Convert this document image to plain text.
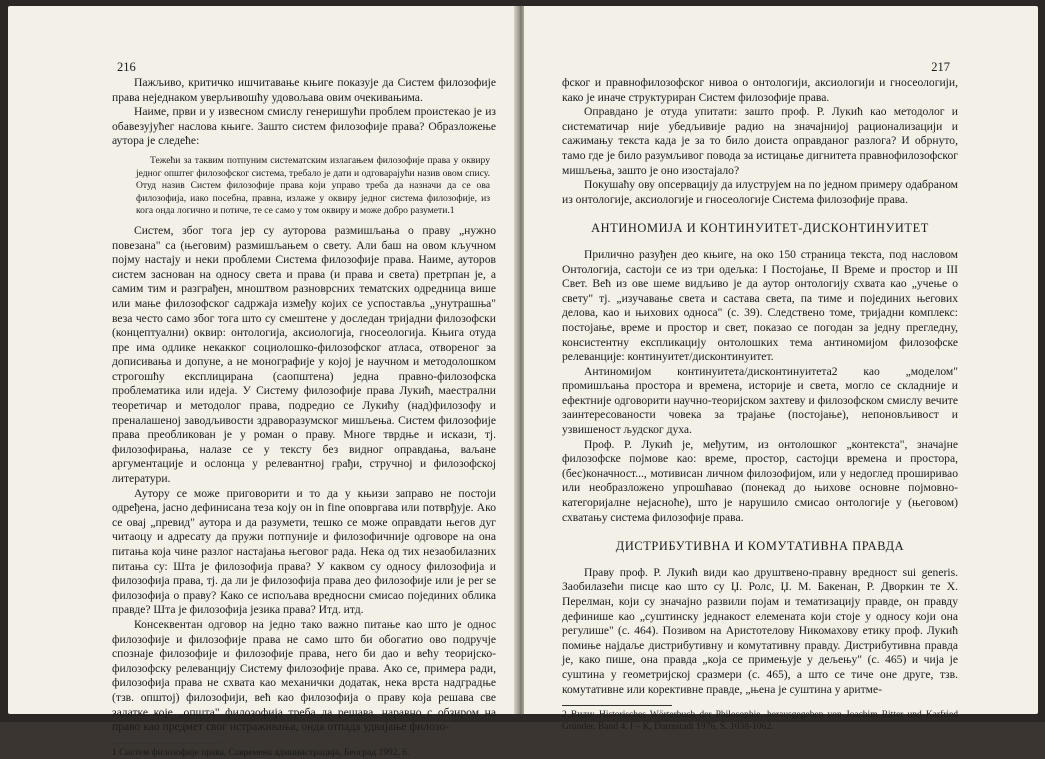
216

Пажљиво, критичко ишчитавање књиге показује да Систем филозофије права неједнаком уверљивошћу удовољава овим очекивањима.

Наиме, први и у извесном смислу генеришући проблем проистекао је из обавезујућег наслова књиге. Зашто систем филозофије права? Образложење аутора је следеће:

Тежећи за таквим потпуним систематским излагањем филозофије права у оквиру једног општег филозофског система, требало је дати и одговарајући назив овом спису. Отуд назив Систем филозофије права који управо треба да назначи да се ова филозофија, иако посебна, правна, излаже у оквиру једног система филозофије, из кога онда логично и потиче, те се само у том оквиру и може добро разумети.1

Систем, због тога јер су ауторова размишљања о праву „нужно повезана" са (његовим) размишљањем о свету. Али баш на овом кључном појму настају и неки проблеми Система филозофије права. Наиме, ауторов систем заснован на односу света и права (и права и света) претрпан је, а самим тим и разграђен, мноштвом разноврсних тематских одредница више или мање филозофског садржаја између којих се успоставља „унутрашња" веза често само због тога што су смештене у доследан тријадни филозофски (концептуални) оквир: онтологија, аксиологија, гносеологија. Књига отуда пре има одлике некакког социолошко-филозофског атласа, отвореног за дописивања и допуне, а не монографије у којој је научном и методолошком строгошћу експлицирана (саопштена) једна правно-филозофска проблематика или идеја. У Систему филозофије права Лукић, маестрални теоретичар и методолог права, подредио се Лукићу (над)филозофу и преналашеној заводљивости здраворазумског мишљења. Систем филозофије права преобликован је у роман о праву. Многе тврдње и искази, тј. филозофирања, налазе се у тексту без видног оправдања, ваљане аргументације и ослонца у релевантној грађи, стручној и филозофској литератури.

Аутору се може приговорити и то да у књизи заправо не постоји одређена, јасно дефинисана теза коју он in fine оповргава или потврђује. Ако се овај „превид" аутора и да разумети, тешко се може оправдати његов дуг читаоцу и адресату да пружи потпуније и филозофичније одговоре на она питања која чине разлог настајања његовог рада. Нека од тих незаобилазних питања су: Шта је филозофија права? У каквом су односу филозофија и филозофија права, тј. да ли је филозофија права део филозофије или је per se филозофија о праву? Како се испољава вредносни смисао појединих облика правде? Шта је филозофија језика права? Итд. итд.

Консеквентан одговор на једно тако важно питање као што је однос филозофије и филозофије права не само што би обогатио ово подручје спознаје филозофије и филозофије права, него би дао и већу теоријско-филозофску релеванцију Систему филозофије права. Ако се, примера ради, филозофија права не схвата као механички додатак, нека врста надградње (тзв. општој) филозофији, већ као филозофија о праву која решава све задатке које „општа" филозофија треба да решава, наравно с обзиром на право као предмет свог истраживања, онда отпада удвајање филозо-

1 Систем филозофије права, Савремена администрација, Београд 1992, 6.
217

фског и правнофилозофског нивоа о онтологији, аксиологији и гносеологији, како је иначе структуриран Систем филозофије права.

Оправдано је отуда упитати: зашто проф. Р. Лукић као методолог и систематичар није убедљивије радио на значајнијој рационализацији и сажимању текста када је за то било доиста оправданог разлога? И обрнуто, тамо где је било разумљивог повода за истицање дигнитета правнофилозофског мишљења, зашто је оно изостајало?

Покушаћу ову опсервацију да илуструјем на по једном примеру одабраном из онтологије, аксиологије и гносеологије Система филозофије права.

АНТИНОМИЈА И КОНТИНУИТЕТ-ДИСКОНТИНУИТЕТ

Прилично разуђен део књиге, на око 150 страница текста, под насловом Онтологија, састоји се из три одељка: I Постојање, II Време и простор и III Свет. Већ из ове шеме видљиво је да аутор онтологију схвата као „учење о свету" тј. „изучавање света и састава света, па тиме и појединих његових делова, као и њихових односа" (с. 39). Следствено томе, тријадни комплекс: постојање, време и простор и свет, показао се погодан за једну прегледну, консистентну експликацију онтолошких тема антиномијом филозофске релеванције: континуитет/дисконтинуитет.

Антиномијом континуитета/дисконтинуитета2 као „моделом" промишљања простора и времена, историје и света, могло се складније и ефектније одговорити научно-теоријском захтеву и филозофском смислу вечите заинтересованости човека за трајање (постојање), непоновљивост и узвишеност људског духа.

Проф. Р. Лукић је, међутим, из онтолошког „контекста", значајне филозофске појмове као: време, простор, састојци времена и простора, (бес)коначност..., мотивисан личном филозофијом, или у недоглед проширивао или необразложено упрошћавао (понекад до њихове основне појмовно-категоријалне нејасноће), што је нарушило смисао онтологије у (његовом) схватању система филозофије права.

ДИСТРИБУТИВНА И КОМУТАТИВНА ПРАВДА

Праву проф. Р. Лукић види као друштвено-правну вредност sui generis. Заобилазећи писце као што су Џ. Ролс, Џ. М. Бакенан, Р. Дворкин те Х. Перелман, који су значајно развили појам и тематизацију правде, он правду дефинише као „суштинску једнакост елемената који стоје у односу који она регулише" (с. 464). Позивом на Аристотелову Никомахову етику проф. Лукић помиње најдаље дистрибутивну и комутативну правду. Дистрибутивна правда је, како пише, она правда „која се примењује у дељењу" (с. 465) и чија је суштина у геометријској сразмери (с. 465), а што се тиче оне друге, тзв. комутативне или корективне правде, „њена је суштина у аритме-

2 Види: Historisches Wörterbuch der Philosophie, herausgegeben von Joachim Ritter und Karfried Gründer, Band 4, I – K, Darmstadt 1976, S. 1038-1062.
